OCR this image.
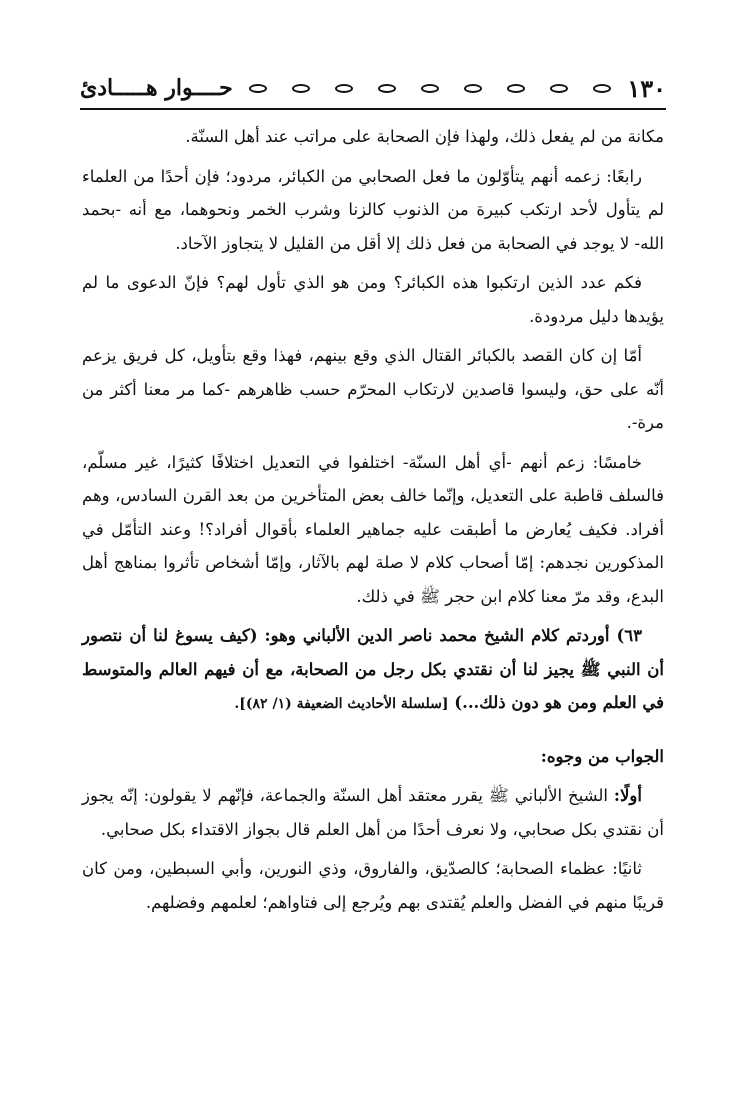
١٣٠
حــــوار هـــــادئ

مكانة من لم يفعل ذلك، ولهذا فإن الصحابة على مراتب عند أهل السنّة.

رابعًا: زعمه أنهم يتأوّلون ما فعل الصحابي من الكبائر، مردود؛ فإن أحدًا من العلماء لم يتأول لأحد ارتكب كبيرة من الذنوب كالزنا وشرب الخمر ونحوهما، مع أنه -بحمد الله- لا يوجد في الصحابة من فعل ذلك إلا أقل من القليل لا يتجاوز الآحاد.

فكم عدد الذين ارتكبوا هذه الكبائر؟ ومن هو الذي تأول لهم؟ فإنّ الدعوى ما لم يؤيدها دليل مردودة.

أمّا إن كان القصد بالكبائر القتال الذي وقع بينهم، فهذا وقع بتأويل، كل فريق يزعم أنّه على حق، وليسوا قاصدين لارتكاب المحرّم حسب ظاهرهم -كما مر معنا أكثر من مرة-.

خامسًا: زعم أنهم -أي أهل السنّة- اختلفوا في التعديل اختلافًا كثيرًا، غير مسلّم، فالسلف قاطبة على التعديل، وإنّما خالف بعض المتأخرين من بعد القرن السادس، وهم أفراد. فكيف يُعارض ما أطبقت عليه جماهير العلماء بأقوال أفراد؟! وعند التأمّل في المذكورين نجدهم: إمّا أصحاب كلام لا صلة لهم بالآثار، وإمّا أشخاص تأثروا بمناهج أهل البدع، وقد مرّ معنا كلام ابن حجر ﷺ في ذلك.

٦٣) أوردتم كلام الشيخ محمد ناصر الدين الألباني وهو: (كيف يسوغ لنا أن نتصور أن النبي ﷺ يجيز لنا أن نقتدي بكل رجل من الصحابة، مع أن فيهم العالم والمتوسط في العلم ومن هو دون ذلك...) [سلسلة الأحاديث الضعيفة (١/ ٨٢)].

الجواب من وجوه:

أولًا: الشيخ الألباني ﷺ يقرر معتقد أهل السنّة والجماعة، فإنّهم لا يقولون: إنّه يجوز أن نقتدي بكل صحابي، ولا نعرف أحدًا من أهل العلم قال بجواز الاقتداء بكل صحابي.

ثانيًا: عظماء الصحابة؛ كالصدّيق، والفاروق، وذي النورين، وأبي السبطين، ومن كان قريبًا منهم في الفضل والعلم يُقتدى بهم ويُرجع إلى فتاواهم؛ لعلمهم وفضلهم.
